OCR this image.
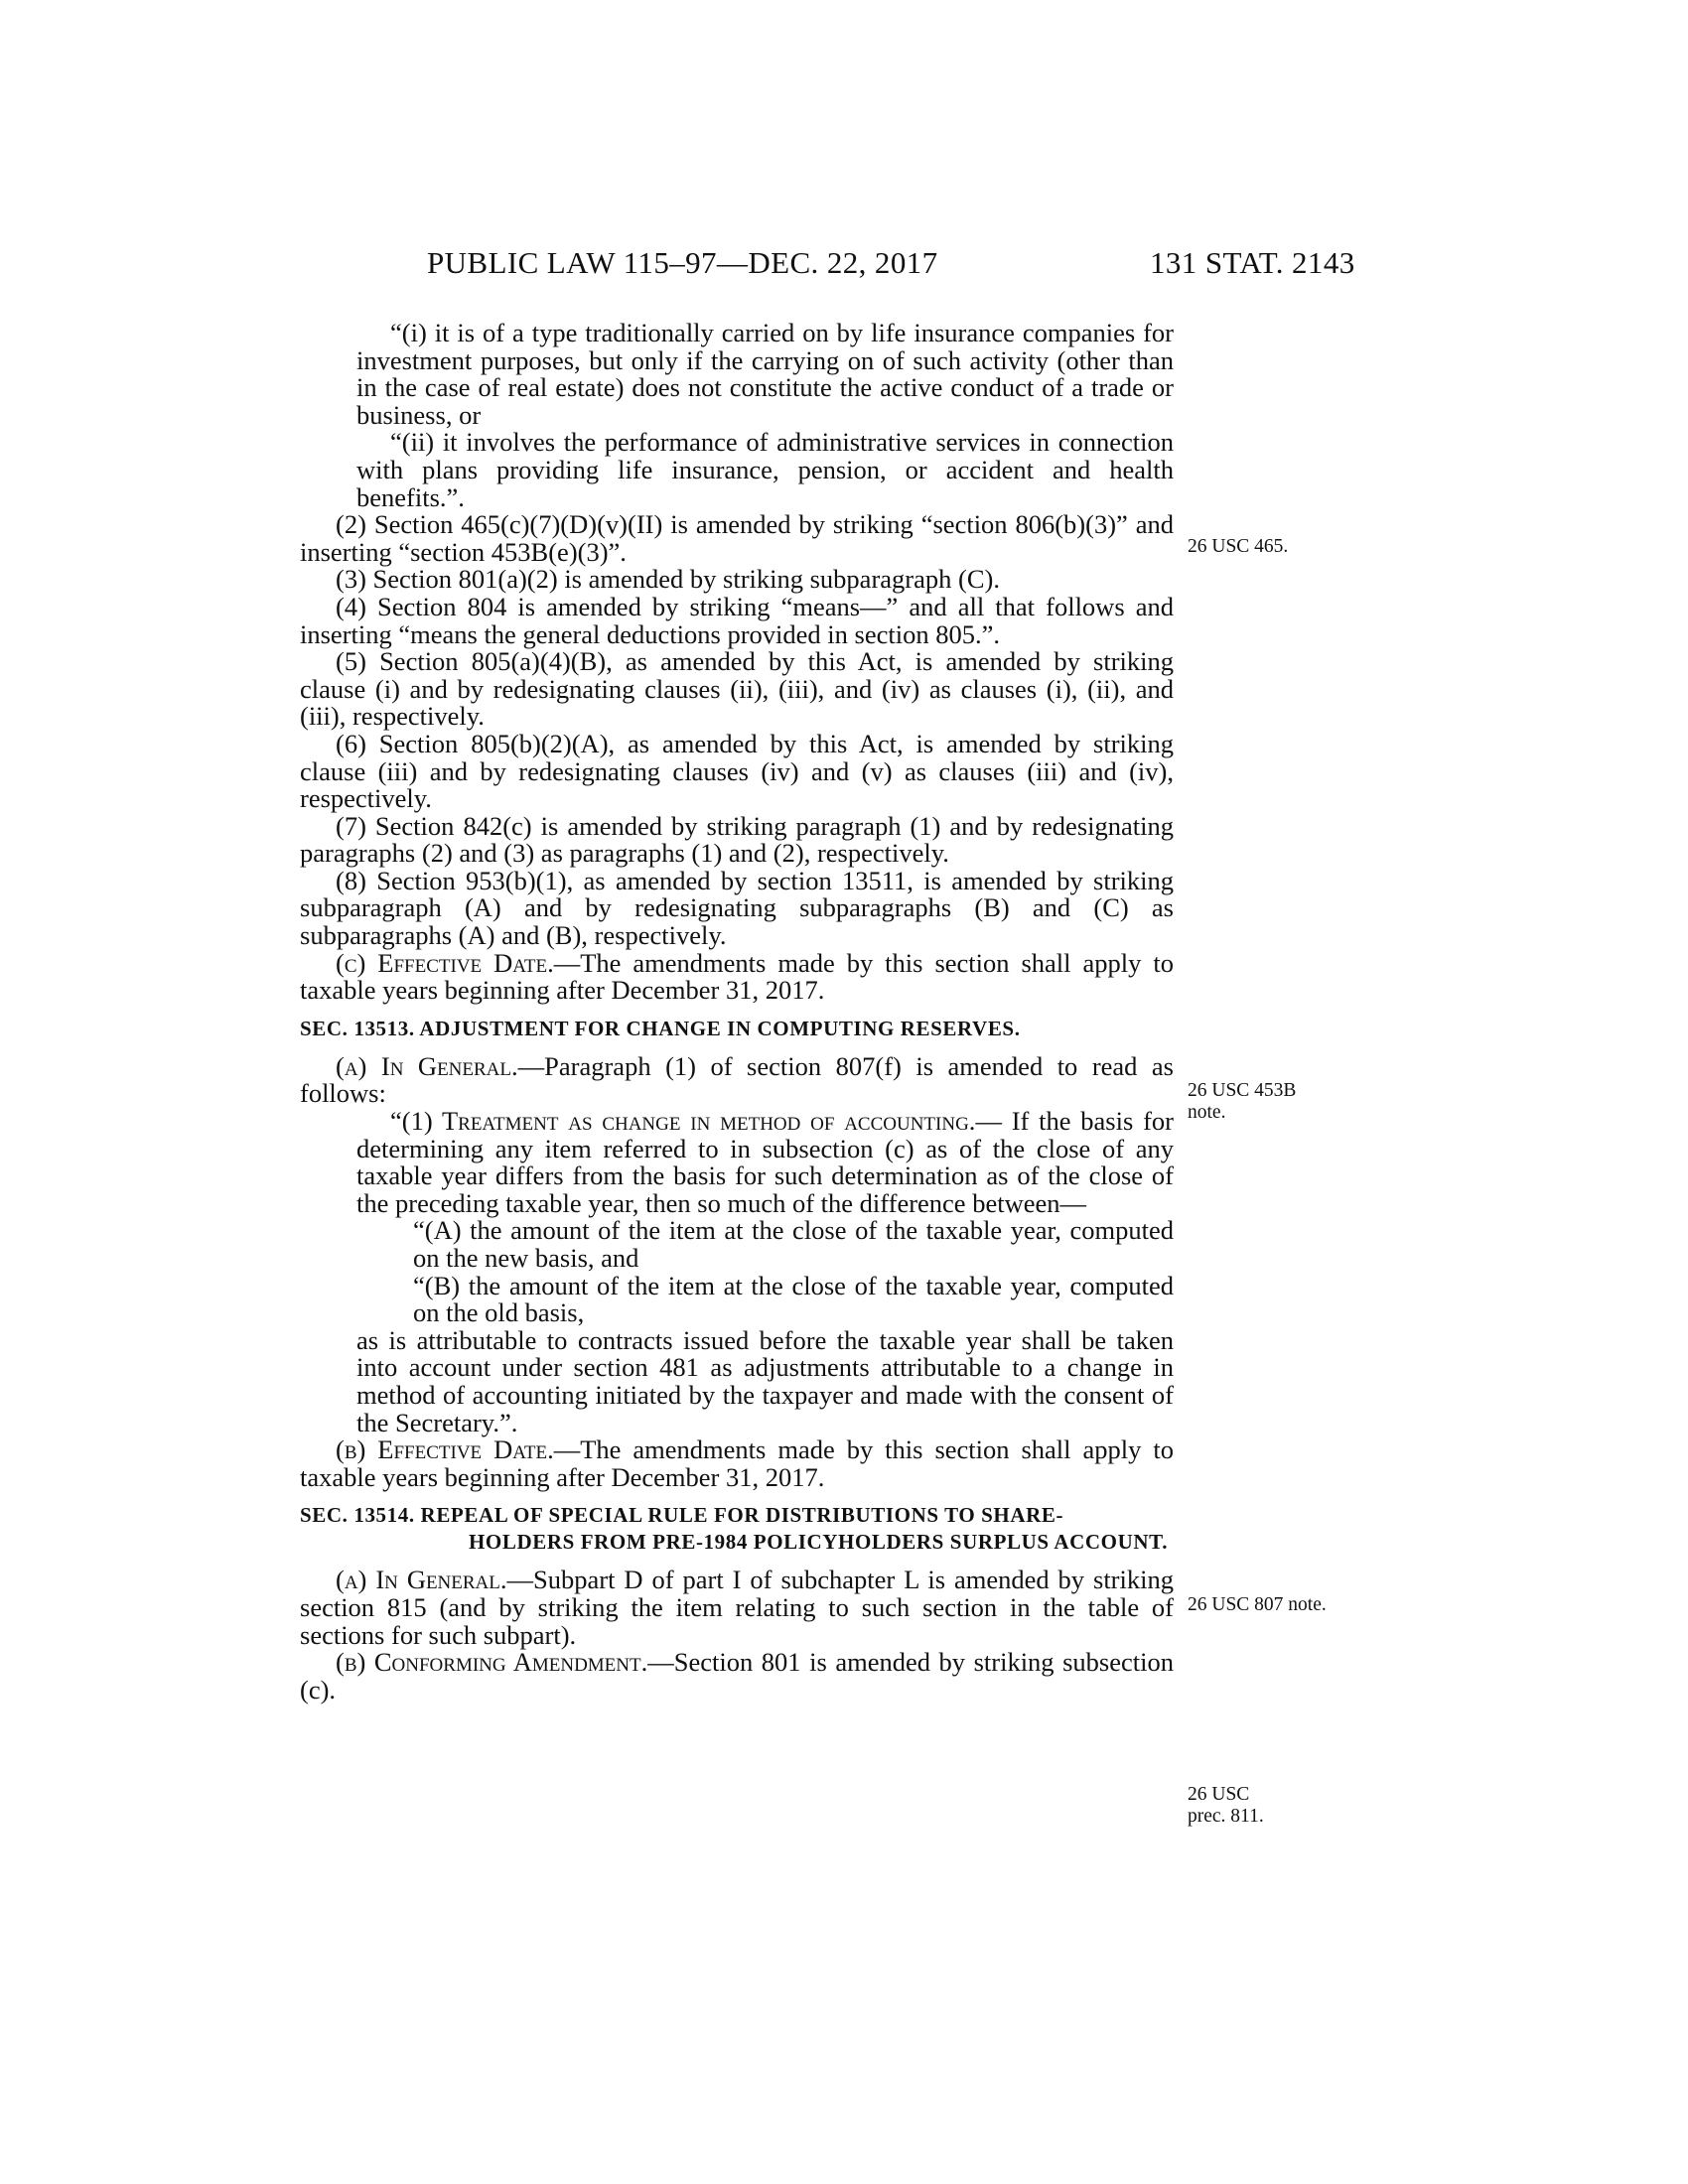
PUBLIC LAW 115–97—DEC. 22, 2017	131 STAT. 2143

“(i) it is of a type traditionally carried on by life insurance companies for investment purposes, but only if the carrying on of such activity (other than in the case of real estate) does not constitute the active conduct of a trade or business, or

“(ii) it involves the performance of administrative services in connection with plans providing life insurance, pension, or accident and health benefits.”.

(2) Section 465(c)(7)(D)(v)(II) is amended by striking “section 806(b)(3)” and inserting “section 453B(e)(3)”.

(3) Section 801(a)(2) is amended by striking subparagraph (C).

(4) Section 804 is amended by striking “means—” and all that follows and inserting “means the general deductions provided in section 805.”.

(5) Section 805(a)(4)(B), as amended by this Act, is amended by striking clause (i) and by redesignating clauses (ii), (iii), and (iv) as clauses (i), (ii), and (iii), respectively.

(6) Section 805(b)(2)(A), as amended by this Act, is amended by striking clause (iii) and by redesignating clauses (iv) and (v) as clauses (iii) and (iv), respectively.

(7) Section 842(c) is amended by striking paragraph (1) and by redesignating paragraphs (2) and (3) as paragraphs (1) and (2), respectively.

(8) Section 953(b)(1), as amended by section 13511, is amended by striking subparagraph (A) and by redesignating subparagraphs (B) and (C) as subparagraphs (A) and (B), respectively.

(c) Effective Date.—The amendments made by this section shall apply to taxable years beginning after December 31, 2017.

SEC. 13513. ADJUSTMENT FOR CHANGE IN COMPUTING RESERVES.

(a) In General.—Paragraph (1) of section 807(f) is amended to read as follows:

“(1) Treatment as change in method of accounting.— If the basis for determining any item referred to in subsection (c) as of the close of any taxable year differs from the basis for such determination as of the close of the preceding taxable year, then so much of the difference between—

“(A) the amount of the item at the close of the taxable year, computed on the new basis, and

“(B) the amount of the item at the close of the taxable year, computed on the old basis,

as is attributable to contracts issued before the taxable year shall be taken into account under section 481 as adjustments attributable to a change in method of accounting initiated by the taxpayer and made with the consent of the Secretary.”.

(b) Effective Date.—The amendments made by this section shall apply to taxable years beginning after December 31, 2017.

SEC. 13514. REPEAL OF SPECIAL RULE FOR DISTRIBUTIONS TO SHARE-
HOLDERS FROM PRE-1984 POLICYHOLDERS SURPLUS ACCOUNT.

(a) In General.—Subpart D of part I of subchapter L is amended by striking section 815 (and by striking the item relating to such section in the table of sections for such subpart).

(b) Conforming Amendment.—Section 801 is amended by striking subsection (c).

26 USC 465.
26 USC 453B
note.
26 USC 807 note.
26 USC
prec. 811.
